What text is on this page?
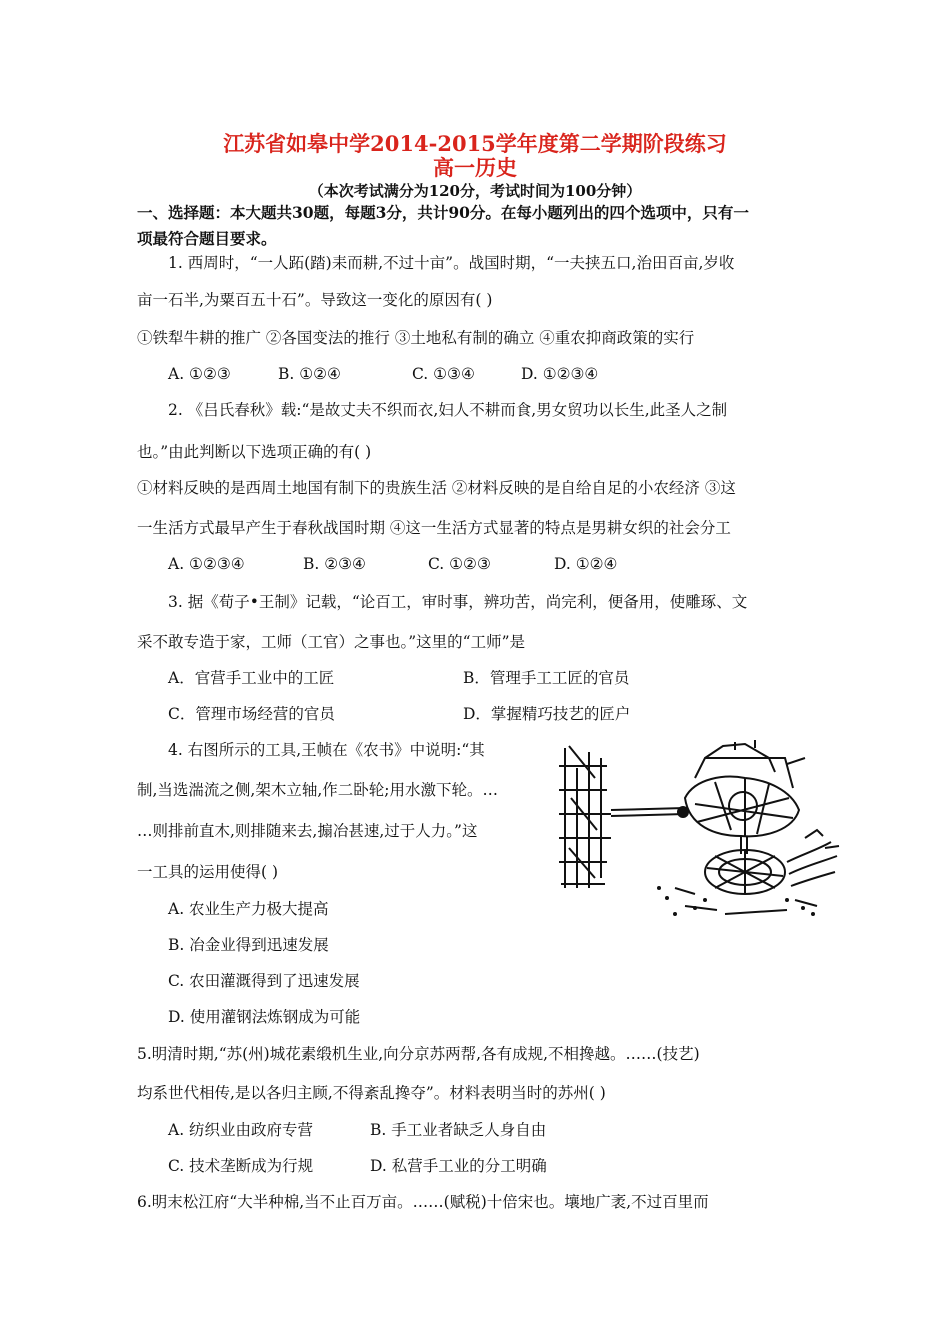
江苏省如皋中学2014-2015学年度第二学期阶段练习
高一历史
（本次考试满分为120分，考试时间为100分钟）
一、选择题：本大题共30题，每题3分，共计90分。在每小题列出的四个选项中，只有一
项最符合题目要求。
1. 西周时，“一人跖(踏)耒而耕,不过十亩”。战国时期，“一夫挟五口,治田百亩,岁收
亩一石半,为粟百五十石”。导致这一变化的原因有( )
①铁犁牛耕的推广 ②各国变法的推行 ③土地私有制的确立 ④重农抑商政策的实行
A. ①②③	B. ①②④	C. ①③④	D. ①②③④
2. 《吕氏春秋》载:“是故丈夫不织而衣,妇人不耕而食,男女贸功以长生,此圣人之制
也。”由此判断以下选项正确的有( )
①材料反映的是西周土地国有制下的贵族生活 ②材料反映的是自给自足的小农经济 ③这
一生活方式最早产生于春秋战国时期 ④这一生活方式显著的特点是男耕女织的社会分工
A. ①②③④	B. ②③④	C. ①②③	D. ①②④
3. 据《荀子•王制》记载，“论百工，审时事，辨功苦，尚完利，便备用，使雕琢、文
采不敢专造于家，工师（工官）之事也。”这里的“工师”是
A．官营手工业中的工匠	B．管理手工工匠的官员
C．管理市场经营的官员	D．掌握精巧技艺的匠户
4. 右图所示的工具,王帧在《农书》中说明:“其
制,当选湍流之侧,架木立轴,作二卧轮;用水激下轮。…
…则排前直木,则排随来去,搧冶甚速,过于人力。”这
一工具的运用使得( )
A. 农业生产力极大提高
B. 冶金业得到迅速发展
C. 农田灌溉得到了迅速发展
D. 使用灌钢法炼钢成为可能
5.明清时期,“苏(州)城花素缎机生业,向分京苏两帮,各有成规,不相搀越。……(技艺)
均系世代相传,是以各归主顾,不得紊乱搀夺”。材料表明当时的苏州( )
A. 纺织业由政府专营	B. 手工业者缺乏人身自由
C. 技术垄断成为行规	D. 私营手工业的分工明确
6.明末松江府“大半种棉,当不止百万亩。……(赋税)十倍宋也。壤地广袤,不过百里而
